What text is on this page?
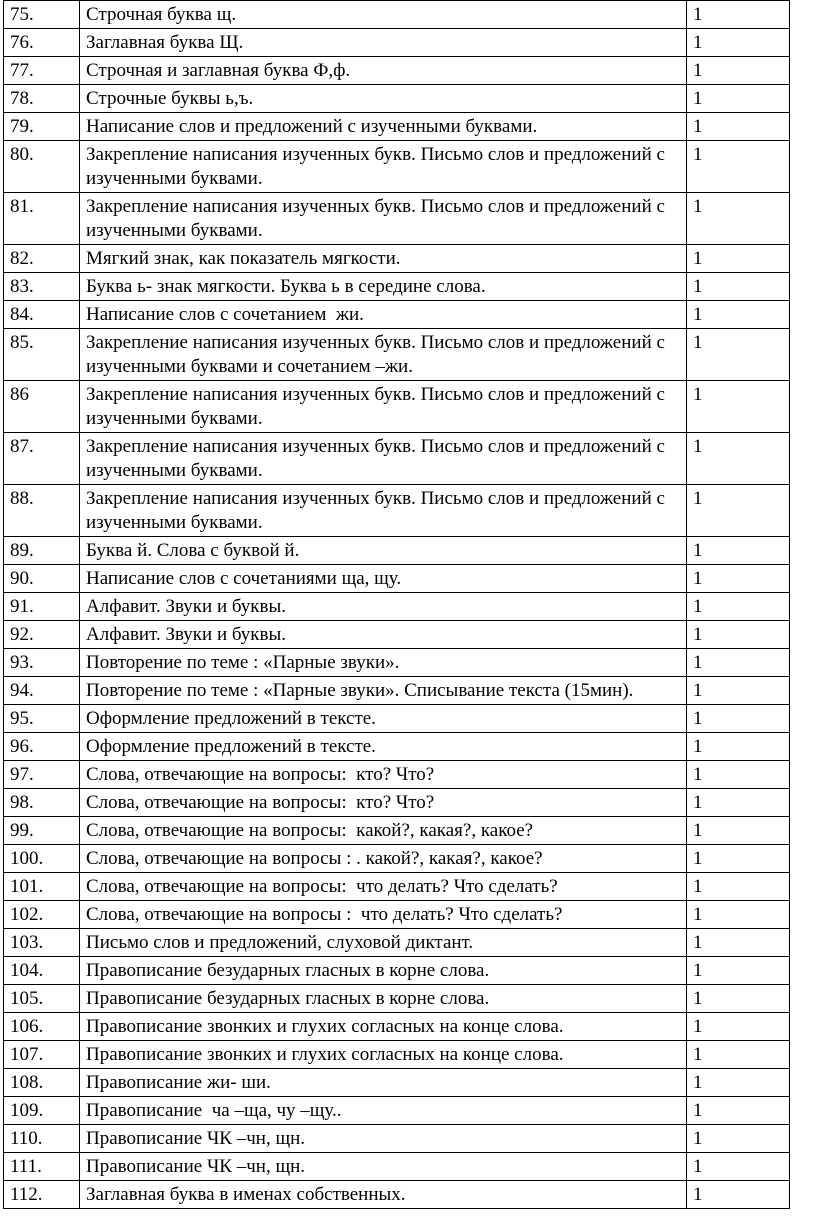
75.	Строчная буква щ.	1
76.	Заглавная буква Щ.	1
77.	Строчная и заглавная буква Ф,ф.	1
78.	Строчные буквы ь,ъ.	1
79.	Написание слов и предложений с изученными буквами.	1
80.	Закрепление написания изученных букв. Письмо слов и предложений с изученными буквами.	1
81.	Закрепление написания изученных букв. Письмо слов и предложений с изученными буквами.	1
82.	Мягкий знак, как показатель мягкости.	1
83.	Буква ь- знак мягкости. Буква ь в середине слова.	1
84.	Написание слов с сочетанием  жи.	1
85.	Закрепление написания изученных букв. Письмо слов и предложений с изученными буквами и сочетанием –жи.	1
86	Закрепление написания изученных букв. Письмо слов и предложений с изученными буквами.	1
87.	Закрепление написания изученных букв. Письмо слов и предложений с изученными буквами.	1
88.	Закрепление написания изученных букв. Письмо слов и предложений с изученными буквами.	1
89.	Буква й. Слова с буквой й.	1
90.	Написание слов с сочетаниями ща, щу.	1
91.	Алфавит. Звуки и буквы.	1
92.	Алфавит. Звуки и буквы.	1
93.	Повторение по теме : «Парные звуки».	1
94.	Повторение по теме : «Парные звуки». Списывание текста (15мин).	1
95.	Оформление предложений в тексте.	1
96.	Оформление предложений в тексте.	1
97.	Слова, отвечающие на вопросы:  кто? Что?	1
98.	Слова, отвечающие на вопросы:  кто? Что?	1
99.	Слова, отвечающие на вопросы:  какой?, какая?, какое?	1
100.	Слова, отвечающие на вопросы : . какой?, какая?, какое?	1
101.	Слова, отвечающие на вопросы:  что делать? Что сделать?	1
102.	Слова, отвечающие на вопросы :  что делать? Что сделать?	1
103.	Письмо слов и предложений, слуховой диктант.	1
104.	Правописание безударных гласных в корне слова.	1
105.	Правописание безударных гласных в корне слова.	1
106.	Правописание звонких и глухих согласных на конце слова.	1
107.	Правописание звонких и глухих согласных на конце слова.	1
108.	Правописание жи- ши.	1
109.	Правописание  ча –ща, чу –щу..	1
110.	Правописание ЧК –чн, щн.	1
111.	Правописание ЧК –чн, щн.	1
112.	Заглавная буква в именах собственных.	1
